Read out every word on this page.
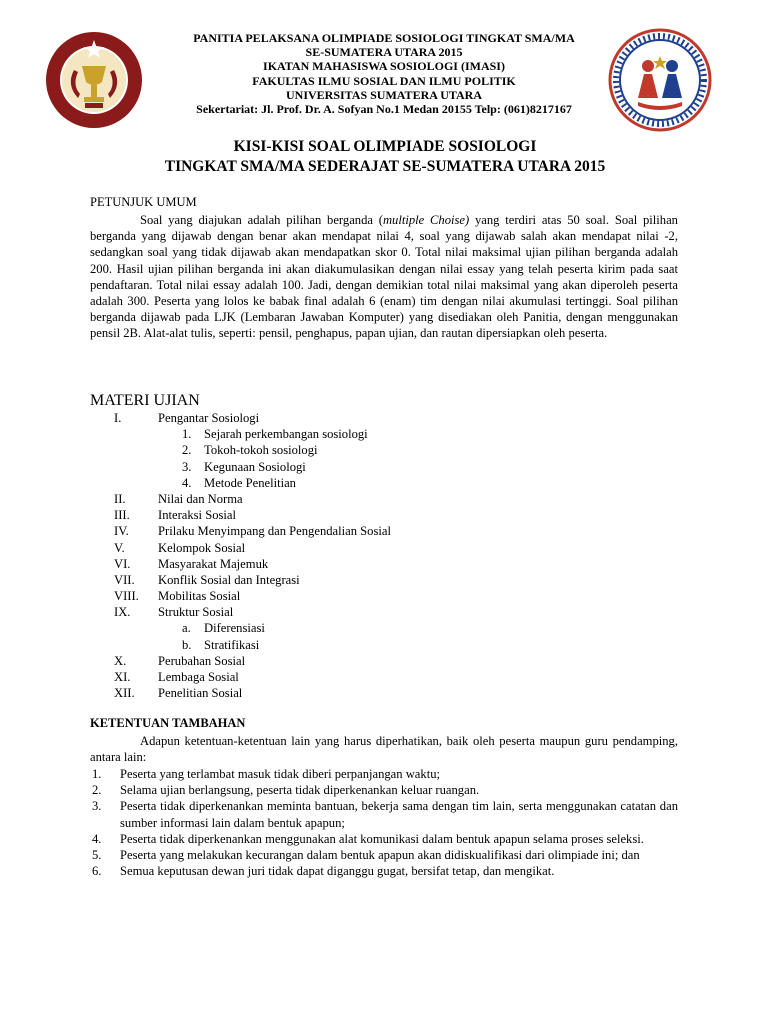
PANITIA PELAKSANA OLIMPIADE SOSIOLOGI TINGKAT SMA/MA
SE-SUMATERA UTARA 2015
IKATAN MAHASISWA SOSIOLOGI (IMASI)
FAKULTAS ILMU SOSIAL DAN ILMU POLITIK
UNIVERSITAS SUMATERA UTARA
Sekertariat: Jl. Prof. Dr. A. Sofyan No.1 Medan 20155 Telp: (061)8217167
KISI-KISI SOAL OLIMPIADE SOSIOLOGI
TINGKAT SMA/MA SEDERAJAT SE-SUMATERA UTARA 2015
PETUNJUK UMUM
Soal yang diajukan adalah pilihan berganda (multiple Choise) yang terdiri atas 50 soal. Soal pilihan berganda yang dijawab dengan benar akan mendapat nilai 4, soal yang dijawab salah akan mendapat nilai -2, sedangkan soal yang tidak dijawab akan mendapatkan skor 0. Total nilai maksimal ujian pilihan berganda adalah 200. Hasil ujian pilihan berganda ini akan diakumulasikan dengan nilai essay yang telah peserta kirim pada saat pendaftaran. Total nilai essay adalah 100. Jadi, dengan demikian total nilai maksimal yang akan diperoleh peserta adalah 300. Peserta yang lolos ke babak final adalah 6 (enam) tim dengan nilai akumulasi tertinggi. Soal pilihan berganda dijawab pada LJK (Lembaran Jawaban Komputer) yang disediakan oleh Panitia, dengan menggunakan pensil 2B. Alat-alat tulis, seperti: pensil, penghapus, papan ujian, dan rautan dipersiapkan oleh peserta.
MATERI UJIAN
I.	Pengantar Sosiologi
1. Sejarah perkembangan sosiologi
2. Tokoh-tokoh sosiologi
3. Kegunaan Sosiologi
4. Metode Penelitian
II.	Nilai dan Norma
III. Interaksi Sosial
IV. Prilaku Menyimpang dan Pengendalian Sosial
V.	Kelompok Sosial
VI. Masyarakat Majemuk
VII. Konflik Sosial dan Integrasi
VIII. Mobilitas Sosial
IX. Struktur Sosial
a. Diferensiasi
b. Stratifikasi
X.	Perubahan Sosial
XI. Lembaga Sosial
XII. Penelitian Sosial
KETENTUAN TAMBAHAN
Adapun ketentuan-ketentuan lain yang harus diperhatikan, baik oleh peserta maupun guru pendamping, antara lain:
1. Peserta yang terlambat masuk tidak diberi perpanjangan waktu;
2. Selama ujian berlangsung, peserta tidak diperkenankan keluar ruangan.
3. Peserta tidak diperkenankan meminta bantuan, bekerja sama dengan tim lain, serta menggunakan catatan dan sumber informasi lain dalam bentuk apapun;
4. Peserta tidak diperkenankan menggunakan alat komunikasi dalam bentuk apapun selama proses seleksi.
5. Peserta yang melakukan kecurangan dalam bentuk apapun akan didiskualifikasi dari olimpiade ini; dan
6. Semua keputusan dewan juri tidak dapat diganggu gugat, bersifat tetap, dan mengikat.
